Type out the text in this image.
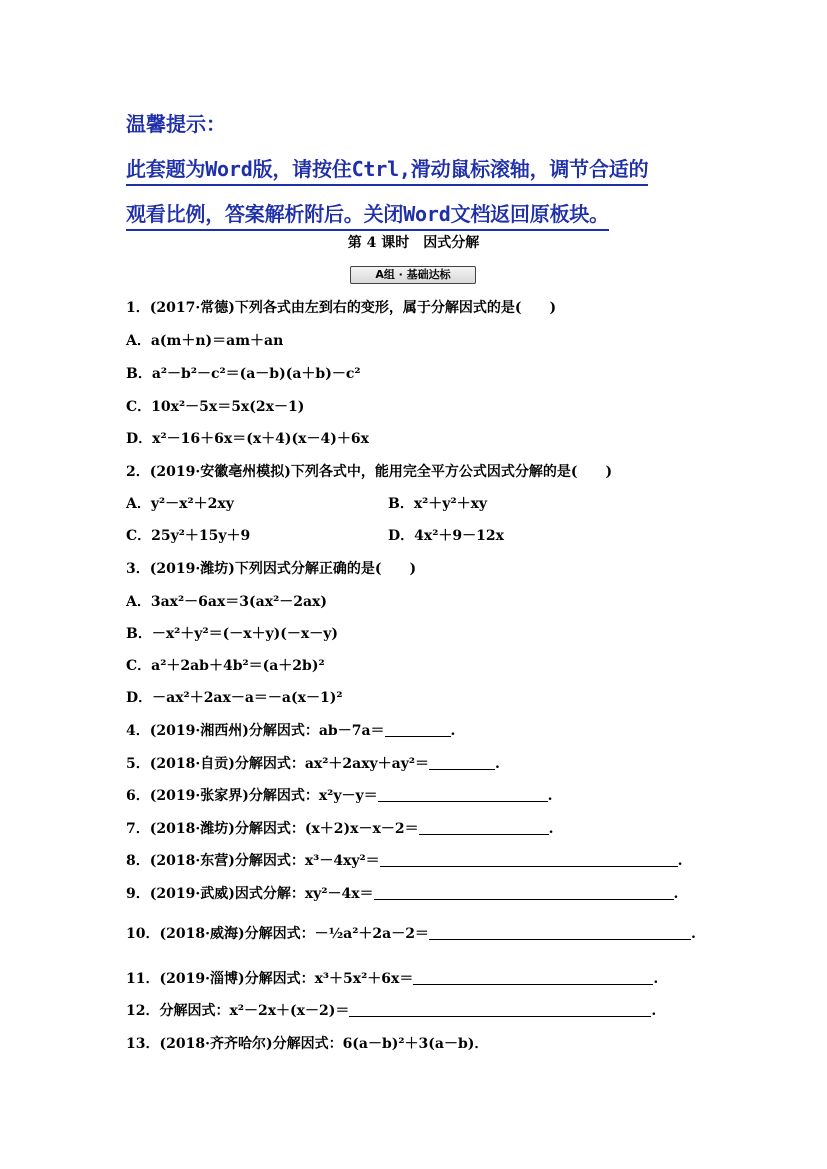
温馨提示：
此套题为Word版，请按住Ctrl,滑动鼠标滚轴，调节合适的
观看比例，答案解析附后。关闭Word文档返回原板块。
第 4 课时　因式分解
A组 · 基础达标
1．(2017·常德)下列各式由左到右的变形，属于分解因式的是(　　)
A．a(m＋n)＝am＋an
B．a²－b²－c²＝(a－b)(a＋b)－c²
C．10x²－5x＝5x(2x－1)
D．x²－16＋6x＝(x＋4)(x－4)＋6x
2．(2019·安徽亳州模拟)下列各式中，能用完全平方公式因式分解的是(　　)
A．y²－x²＋2xy	B．x²＋y²＋xy
C．25y²＋15y＋9	D．4x²＋9－12x
3．(2019·潍坊)下列因式分解正确的是(　　)
A．3ax²－6ax＝3(ax²－2ax)
B．－x²＋y²＝(－x＋y)(－x－y)
C．a²＋2ab＋4b²＝(a＋2b)²
D．－ax²＋2ax－a＝－a(x－1)²
4．(2019·湘西州)分解因式：ab－7a＝	.
5．(2018·自贡)分解因式：ax²＋2axy＋ay²＝	.
6．(2019·张家界)分解因式：x²y－y＝	.
7．(2018·潍坊)分解因式：(x＋2)x－x－2＝	.
8．(2018·东营)分解因式：x³－4xy²＝	.
9．(2019·武威)因式分解：xy²－4x＝	.
10．(2018·威海)分解因式：－½a²＋2a－2＝	.
11．(2019·淄博)分解因式：x³＋5x²＋6x＝	.
12．分解因式：x²－2x＋(x－2)＝	.
13．(2018·齐齐哈尔)分解因式：6(a－b)²＋3(a－b)．
